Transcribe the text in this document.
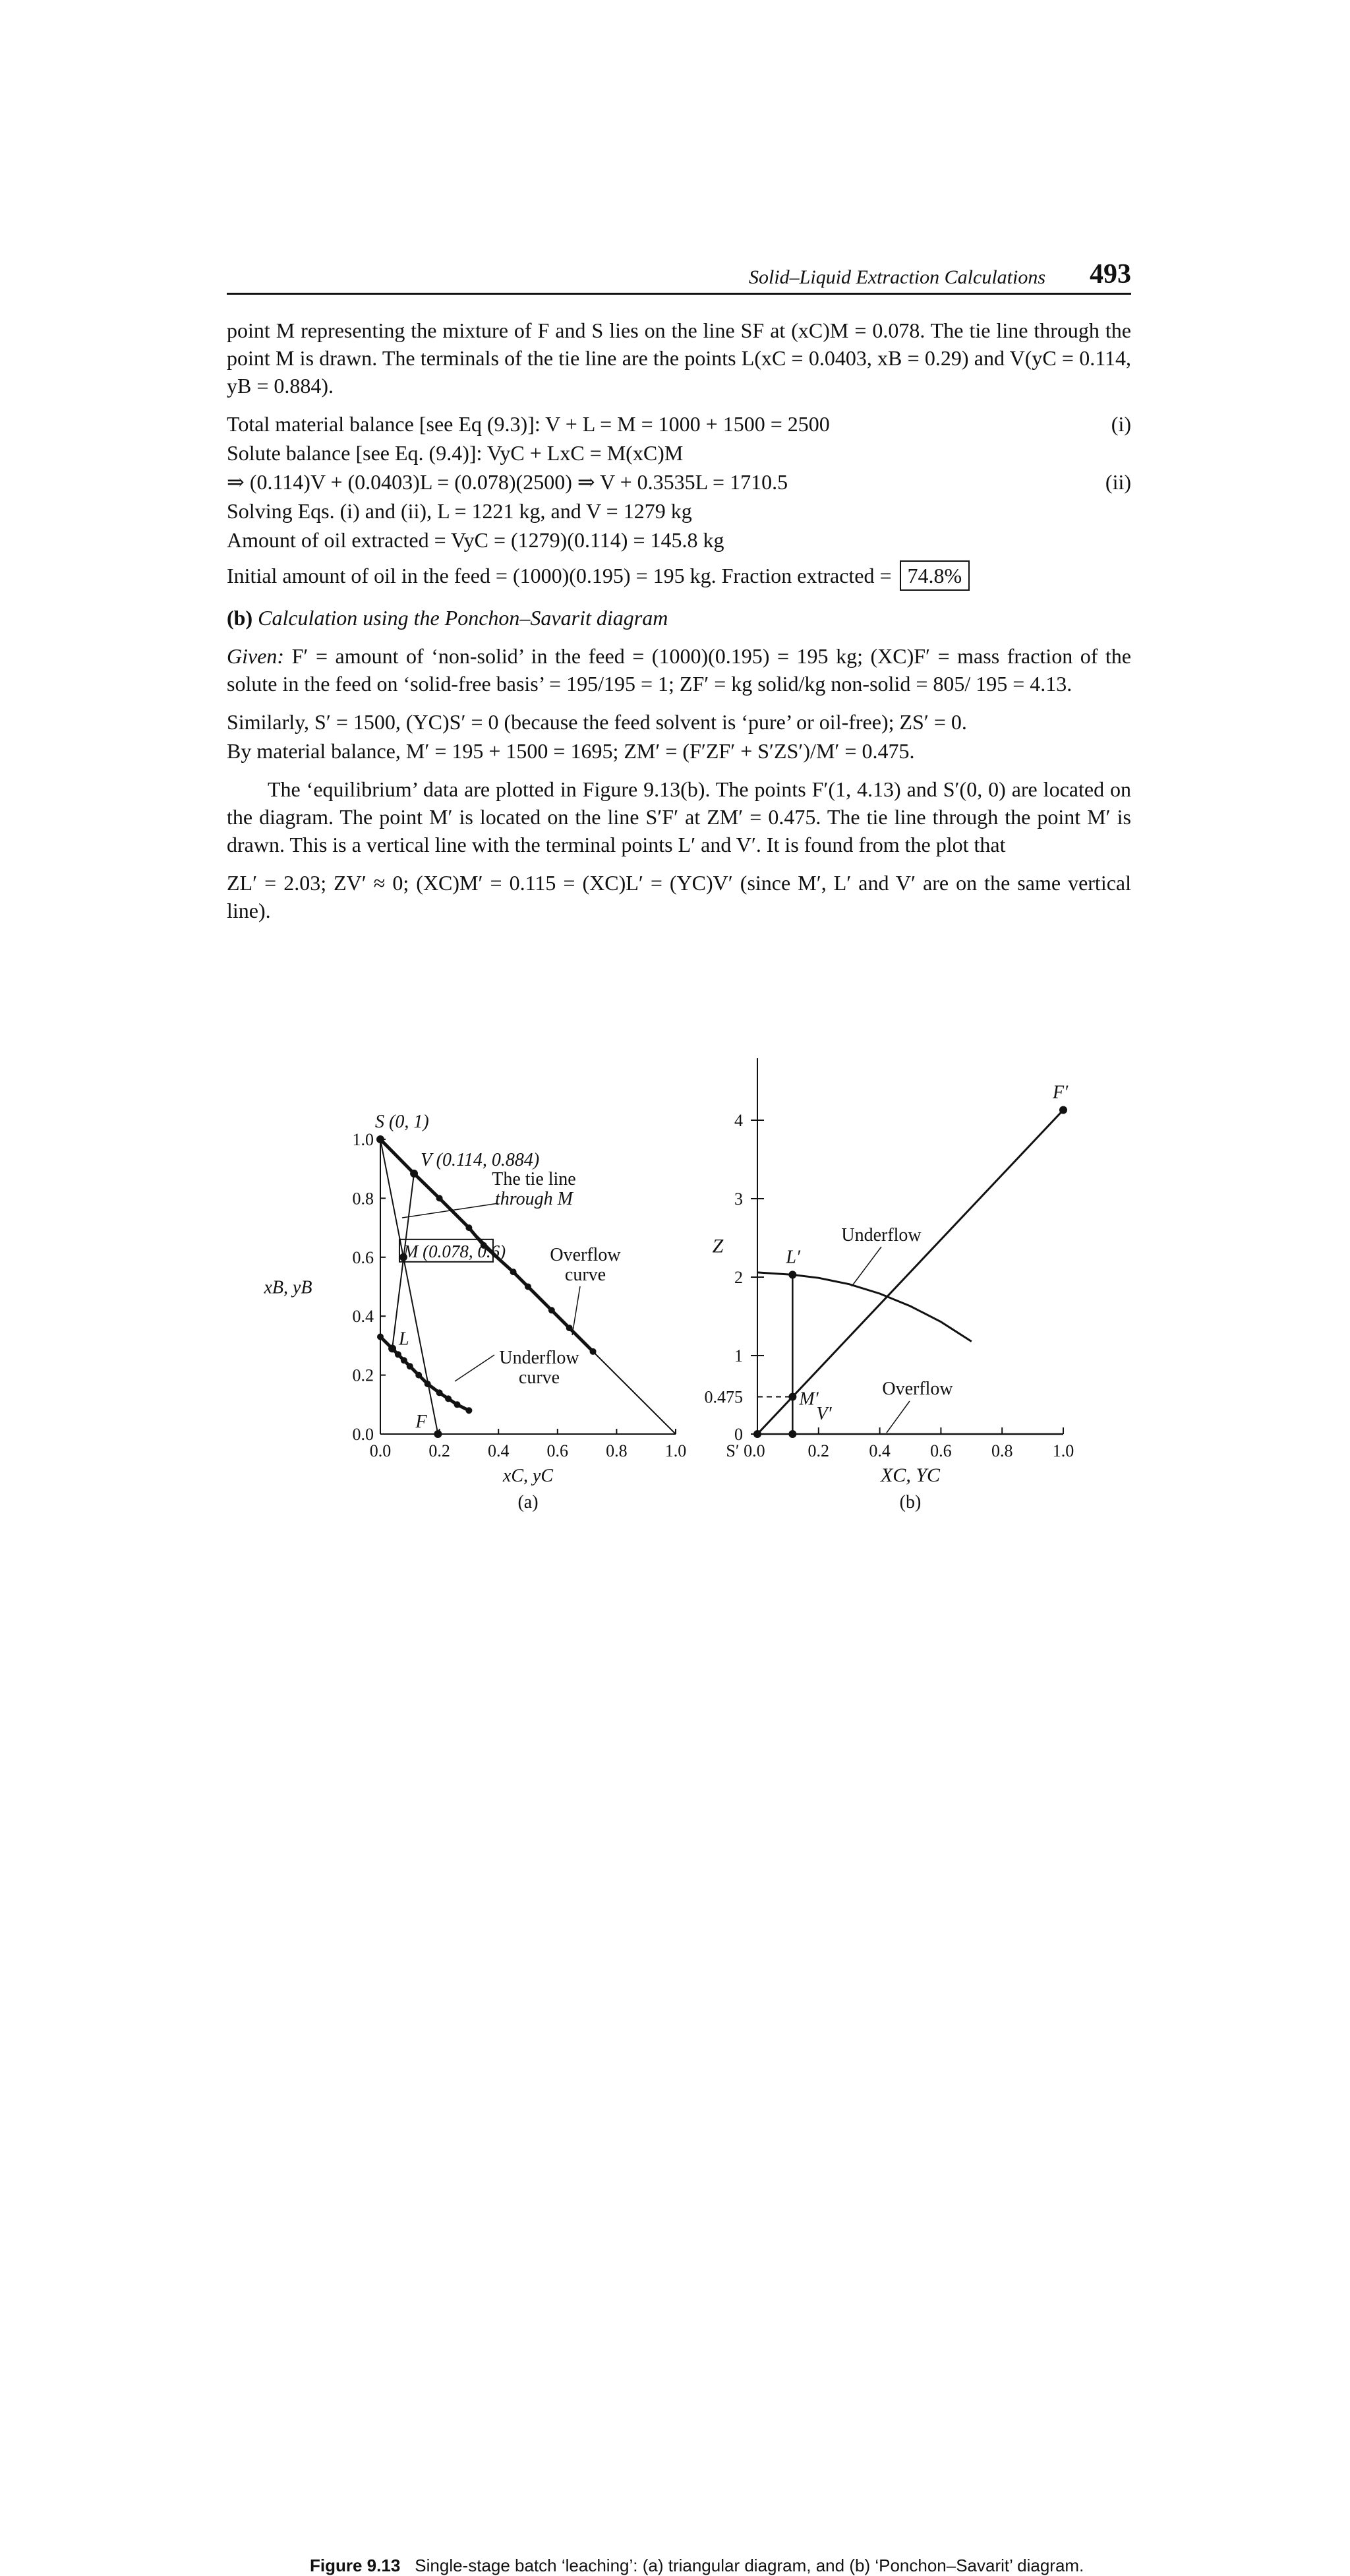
Solid–Liquid Extraction Calculations 493

point M representing the mixture of F and S lies on the line SF at (xC)M = 0.078. The tie line through the point M is drawn. The terminals of the tie line are the points L(xC = 0.0403, xB = 0.29) and V(yC = 0.114, yB = 0.884).

Total material balance [see Eq (9.3)]: V + L = M = 1000 + 1500 = 2500	(i)
Solute balance [see Eq. (9.4)]: VyC + LxC = M(xC)M
⇒ (0.114)V + (0.0403)L = (0.078)(2500) ⇒ V + 0.3535L = 1710.5	(ii)
Solving Eqs. (i) and (ii), L = 1221 kg, and V = 1279 kg
Amount of oil extracted = VyC = (1279)(0.114) = 145.8 kg
Initial amount of oil in the feed = (1000)(0.195) = 195 kg. Fraction extracted = 74.8%
(b) Calculation using the Ponchon–Savarit diagram

Given: F′ = amount of ‘non-solid’ in the feed = (1000)(0.195) = 195 kg; (XC)F′ = mass fraction of the solute in the feed on ‘solid-free basis’ = 195/195 = 1; ZF′ = kg solid/kg non-solid = 805/ 195 = 4.13.

Similarly, S′ = 1500, (YC)S′ = 0 (because the feed solvent is ‘pure’ or oil-free); ZS′ = 0.
By material balance, M′ = 195 + 1500 = 1695; ZM′ = (F′ZF′ + S′ZS′)/M′ = 0.475.

The ‘equilibrium’ data are plotted in Figure 9.13(b). The points F′(1, 4.13) and S′(0, 0) are located on the diagram. The point M′ is located on the line S′F′ at ZM′ = 0.475. The tie line through the point M′ is drawn. This is a vertical line with the terminal points L′ and V′. It is found from the plot that

ZL′ = 2.03; ZV′ ≈ 0; (XC)M′ = 0.115 = (XC)L′ = (YC)V′ (since M′, L′ and V′ are on the same vertical line).

0.0 0.2 0.4 0.6 0.8 1.0
0.0
0.2
0.4
0.6
0.8
1.0
xC, yC
xB, yB
(a)
S (0, 1)
V (0.114, 0.884)
M (0.078, 0.6)
L
F
The tie line
through M
Overflow
curve
Underflow
curve
S′ 0.0 0.2 0.4 0.6 0.8 1.0
0
1
2
3
4
0.475
XC, YC
Z
(b)
F′
L′
M′
V′
Underflow
Overflow
Figure 9.13 Single-stage batch ‘leaching’: (a) triangular diagram, and (b) ‘Ponchon–Savarit’ diagram.
